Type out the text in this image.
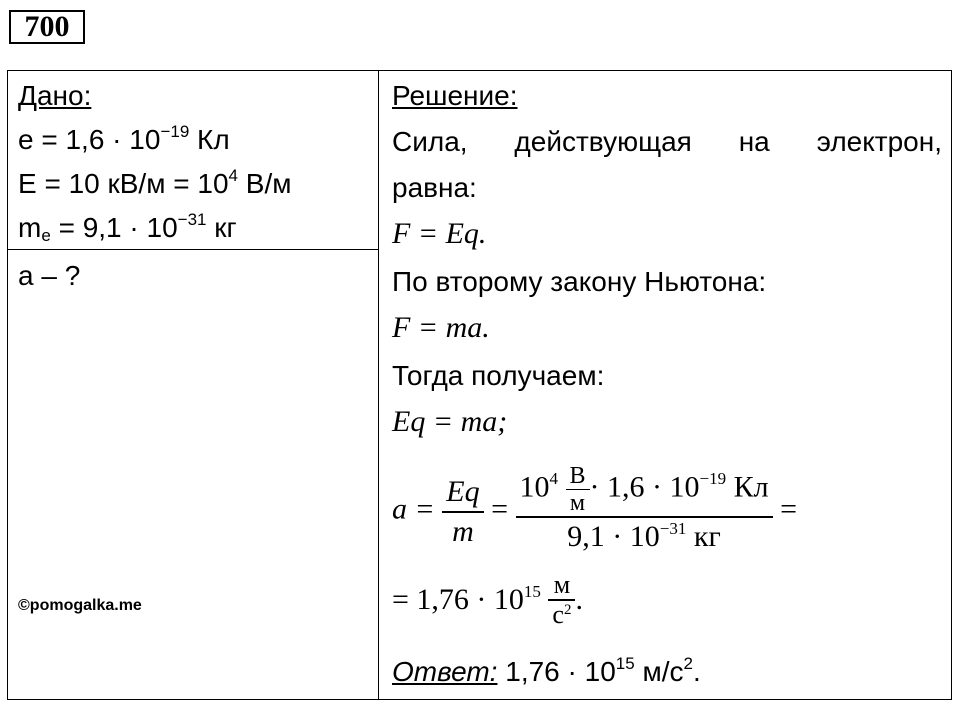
700
Дано:
$e = 1,6 \cdot 10^{-19}$ Кл
E = 10 $кВ/м = 10^4$ В/м
$m_e = 9,1 \cdot 10^{-31}$ кг
a – ?
©pomogalka.me
Решение:
Сила, действующая на электрон,
равна:
F = Eq.
По второму закону Ньютона:
F = ma.
Тогда получаем:
Eq = ma;
$a = \frac{Eq}{m} = \frac{10^4 \frac{В}{м} \cdot 1,6 \cdot 10^{-19} Кл}{9,1 \cdot 10^{-31} кг}$ =
= $1,76 \cdot 10^{15} \frac{м}{с^2}$ .
Ответ: $1,76 \cdot 10^{15}$ $м/с^2$.
